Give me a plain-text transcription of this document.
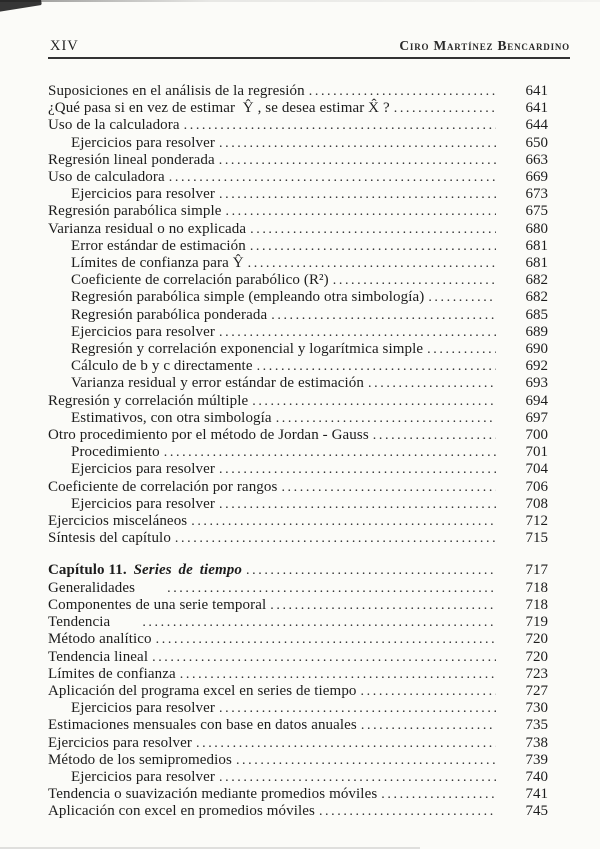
XIV	Ciro Martínez Bencardino
Suposiciones en el análisis de la regresión .....	641
¿Qué pasa si en vez de estimar  Ŷ , se desea estimar X̂ ? .....	641
Uso de la calculadora .....	644
Ejercicios para resolver .....	650
Regresión lineal ponderada .....	663
Uso de calculadora .....	669
Ejercicios para resolver .....	673
Regresión parabólica simple .....	675
Varianza residual o no explicada .....	680
Error estándar de estimación .....	681
Límites de confianza para Ŷ .....	681
Coeficiente de correlación parabólico (R²) .....	682
Regresión parabólica simple (empleando otra simbología) .....	682
Regresión parabólica ponderada .....	685
Ejercicios para resolver .....	689
Regresión y correlación exponencial y logarítmica simple .....	690
Cálculo de b y c directamente .....	692
Varianza residual y error estándar de estimación .....	693
Regresión y correlación múltiple .....	694
Estimativos, con otra simbología .....	697
Otro procedimiento por el método de Jordan - Gauss .....	700
Procedimiento .....	701
Ejercicios para resolver .....	704
Coeficiente de correlación por rangos .....	706
Ejercicios para resolver .....	708
Ejercicios misceláneos .....	712
Síntesis del capítulo .....	715
Capítulo 11. Series de tiempo .....	717
Generalidades .....	718
Componentes de una serie temporal .....	718
Tendencia .....	719
Método analítico .....	720
Tendencia lineal .....	720
Límites de confianza .....	723
Aplicación del programa excel en series de tiempo .....	727
Ejercicios para resolver .....	730
Estimaciones mensuales con base en datos anuales .....	735
Ejercicios para resolver .....	738
Método de los semipromedios .....	739
Ejercicios para resolver .....	740
Tendencia o suavización mediante promedios móviles .....	741
Aplicación con excel en promedios móviles .....	745
